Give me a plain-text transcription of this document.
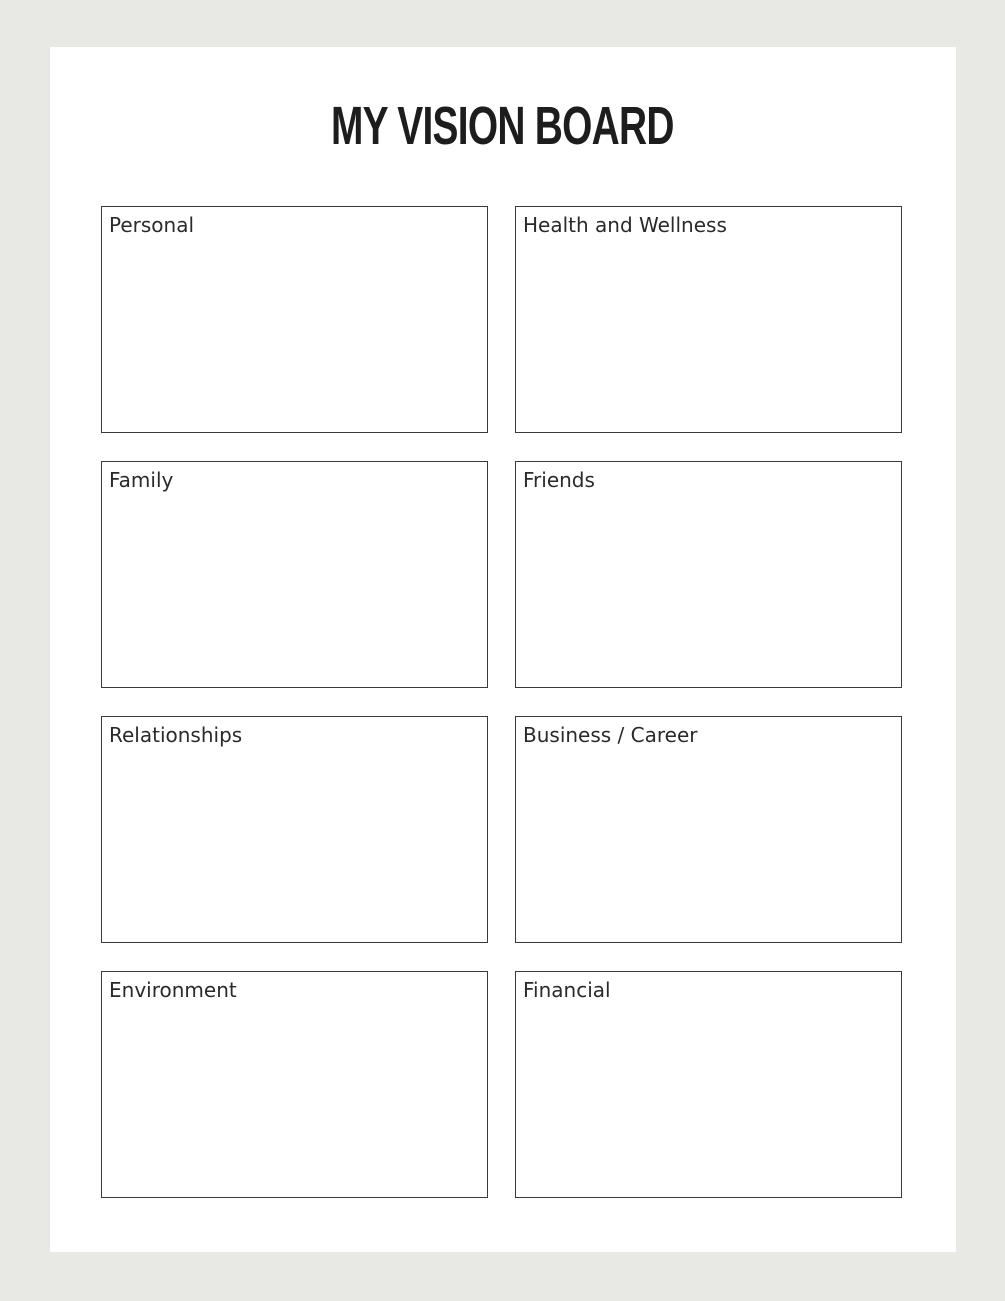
MY VISION BOARD
Personal	Health and Wellness
Family	Friends
Relationships	Business / Career
Environment	Financial
